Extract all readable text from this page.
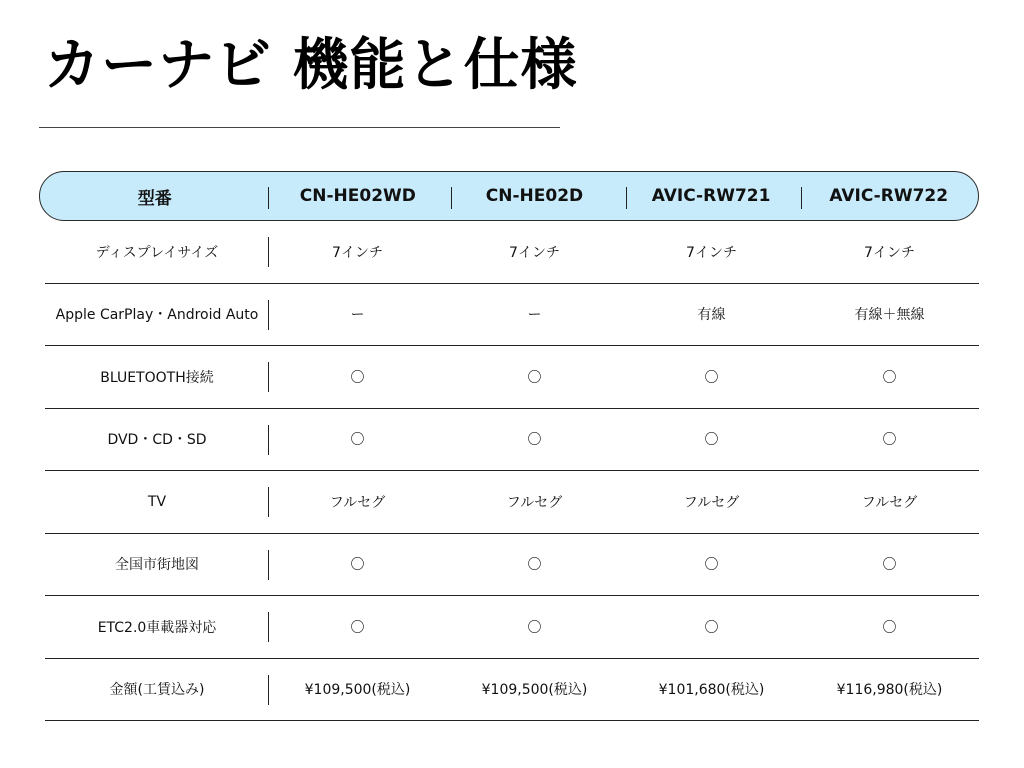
カーナビ 機能と仕様
型番	CN-HE02WD	CN-HE02D	AVIC-RW721	AVIC-RW722
ディスプレイサイズ	7インチ	7インチ	7インチ	7インチ
Apple CarPlay・Android Auto	ー	ー	有線	有線＋無線
BLUETOOTH接続	〇	〇	〇	〇
DVD・CD・SD	〇	〇	〇	〇
TV	フルセグ	フルセグ	フルセグ	フルセグ
全国市街地図	〇	〇	〇	〇
ETC2.0車載器対応	〇	〇	〇	〇
金額(工賃込み)	¥109,500(税込)	¥109,500(税込)	¥101,680(税込)	¥116,980(税込)
